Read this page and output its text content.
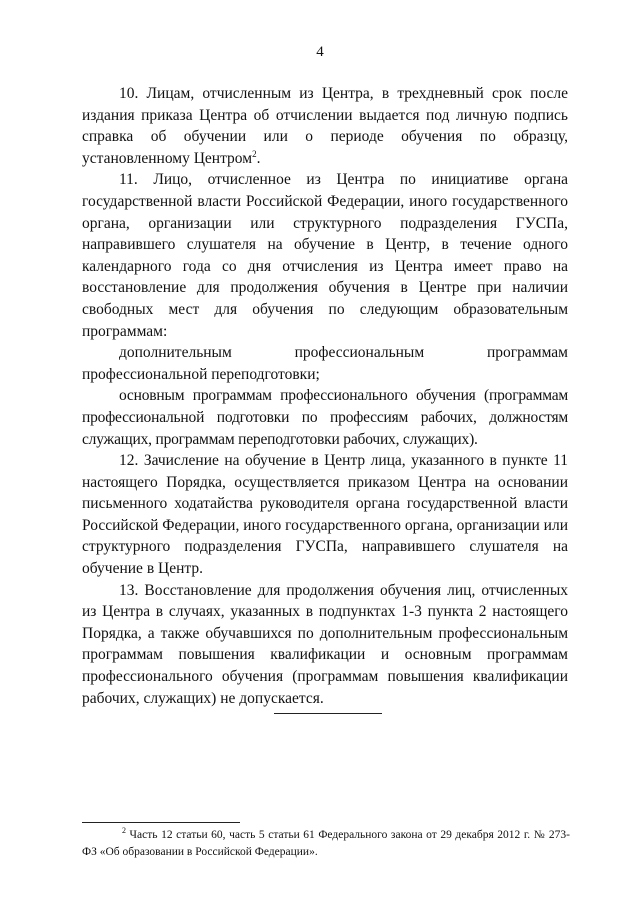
4

10. Лицам, отчисленным из Центра, в трехдневный срок после издания приказа Центра об отчислении выдается под личную подпись справка об обучении или о периоде обучения по образцу, установленному Центром$^2$.

11. Лицо, отчисленное из Центра по инициативе органа государственной власти Российской Федерации, иного государственного органа, организации или структурного подразделения ГУСПа, направившего слушателя на обучение в Центр, в течение одного календарного года со дня отчисления из Центра имеет право на восстановление для продолжения обучения в Центре при наличии свободных мест для обучения по следующим образовательным программам:

дополнительным профессиональным программам профессиональной переподготовки;

основным программам профессионального обучения (программам профессиональной подготовки по профессиям рабочих, должностям служащих, программам переподготовки рабочих, служащих).

12. Зачисление на обучение в Центр лица, указанного в пункте 11 настоящего Порядка, осуществляется приказом Центра на основании письменного ходатайства руководителя органа государственной власти Российской Федерации, иного государственного органа, организации или структурного подразделения ГУСПа, направившего слушателя на обучение в Центр.

13. Восстановление для продолжения обучения лиц, отчисленных из Центра в случаях, указанных в подпунктах 1-3 пункта 2 настоящего Порядка, а также обучавшихся по дополнительным профессиональным программам повышения квалификации и основным программам профессионального обучения (программам повышения квалификации рабочих, служащих) не допускается.

$^2$ Часть 12 статьи 60, часть 5 статьи 61 Федерального закона от 29 декабря 2012 г. № 273-ФЗ «Об образовании в Российской Федерации».
